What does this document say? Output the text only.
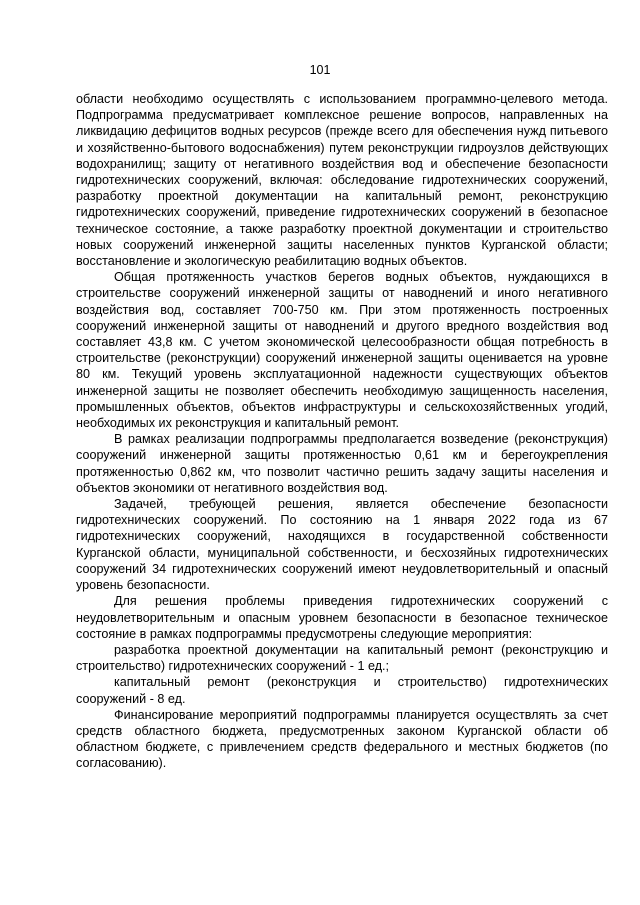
101

области необходимо осуществлять с использованием программно-целевого метода. Подпрограмма предусматривает комплексное решение вопросов, направленных на ликвидацию дефицитов водных ресурсов (прежде всего для обеспечения нужд питьевого и хозяйственно-бытового водоснабжения) путем реконструкции гидроузлов действующих водохранилищ; защиту от негативного воздействия вод и обеспечение безопасности гидротехнических сооружений, включая: обследование гидротехнических сооружений, разработку проектной документации на капитальный ремонт, реконструкцию гидротехнических сооружений, приведение гидротехнических сооружений в безопасное техническое состояние, а также разработку проектной документации и строительство новых сооружений инженерной защиты населенных пунктов Курганской области; восстановление и экологическую реабилитацию водных объектов.

Общая протяженность участков берегов водных объектов, нуждающихся в строительстве сооружений инженерной защиты от наводнений и иного негативного воздействия вод, составляет 700-750 км. При этом протяженность построенных сооружений инженерной защиты от наводнений и другого вредного воздействия вод составляет 43,8 км. С учетом экономической целесообразности общая потребность в строительстве (реконструкции) сооружений инженерной защиты оценивается на уровне 80 км. Текущий уровень эксплуатационной надежности существующих объектов инженерной защиты не позволяет обеспечить необходимую защищенность населения, промышленных объектов, объектов инфраструктуры и сельскохозяйственных угодий, необходимых их реконструкция и капитальный ремонт.

В рамках реализации подпрограммы предполагается возведение (реконструкция) сооружений инженерной защиты протяженностью 0,61 км и берегоукрепления протяженностью 0,862 км, что позволит частично решить задачу защиты населения и объектов экономики от негативного воздействия вод.

Задачей, требующей решения, является обеспечение безопасности гидротехнических сооружений. По состоянию на 1 января 2022 года из 67 гидротехнических сооружений, находящихся в государственной собственности Курганской области, муниципальной собственности, и бесхозяйных гидротехнических сооружений 34 гидротехнических сооружений имеют неудовлетворительный и опасный уровень безопасности.

Для решения проблемы приведения гидротехнических сооружений с неудовлетворительным и опасным уровнем безопасности в безопасное техническое состояние в рамках подпрограммы предусмотрены следующие мероприятия:

разработка проектной документации на капитальный ремонт (реконструкцию и строительство) гидротехнических сооружений - 1 ед.;

капитальный ремонт (реконструкция и строительство) гидротехнических сооружений - 8 ед.

Финансирование мероприятий подпрограммы планируется осуществлять за счет средств областного бюджета, предусмотренных законом Курганской области об областном бюджете, с привлечением средств федерального и местных бюджетов (по согласованию).
